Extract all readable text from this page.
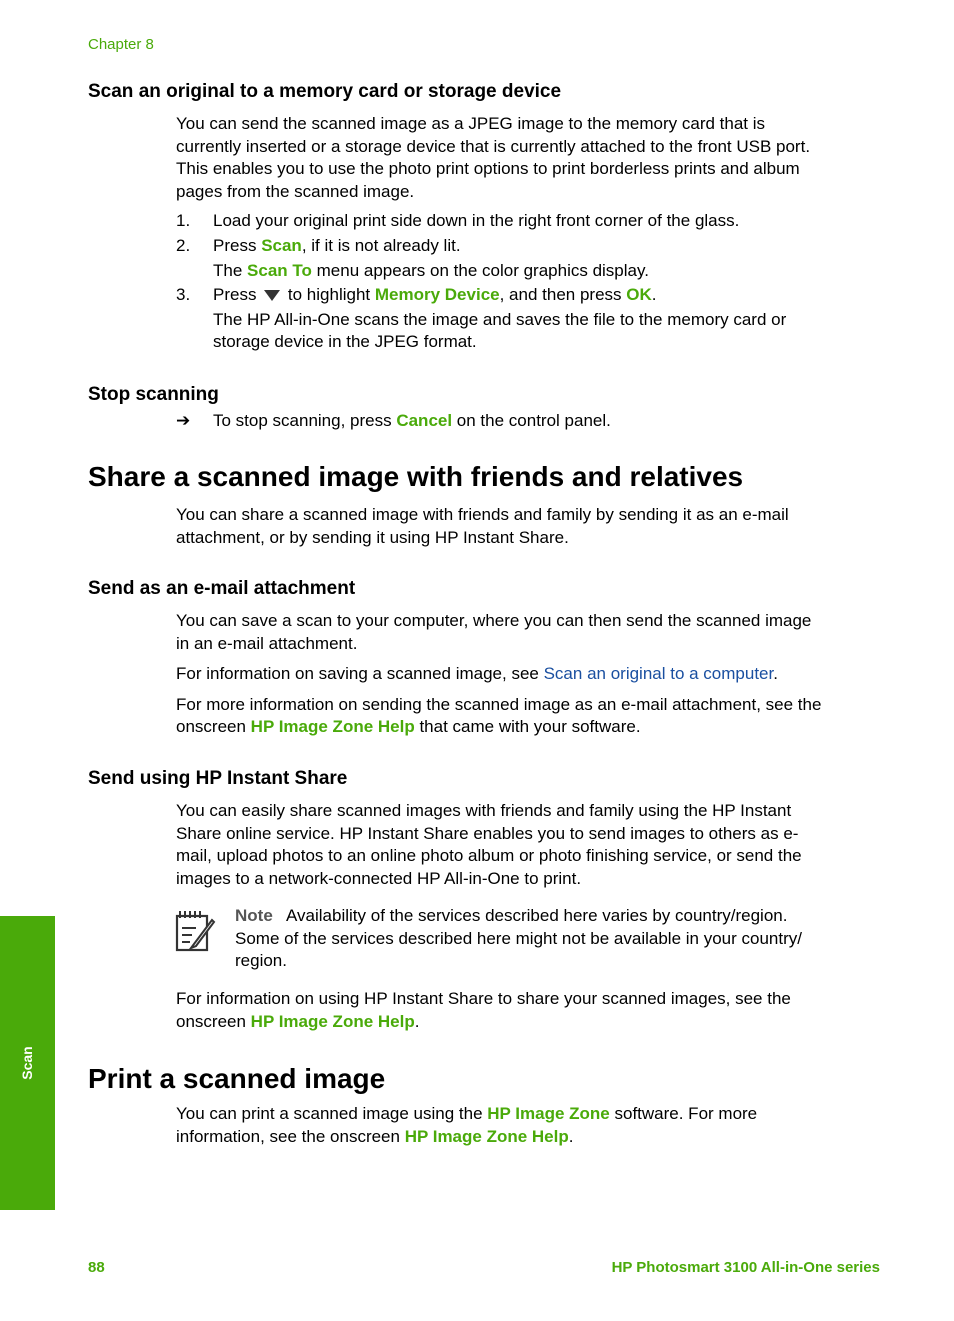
Chapter 8
Scan an original to a memory card or storage device
You can send the scanned image as a JPEG image to the memory card that is
currently inserted or a storage device that is currently attached to the front USB port.
This enables you to use the photo print options to print borderless prints and album
pages from the scanned image.
1. Load your original print side down in the right front corner of the glass.
2. Press Scan, if it is not already lit.
The Scan To menu appears on the color graphics display.
3. Press  to highlight Memory Device, and then press OK.
The HP All-in-One scans the image and saves the file to the memory card or
storage device in the JPEG format.
Stop scanning
➔ To stop scanning, press Cancel on the control panel.
Share a scanned image with friends and relatives
You can share a scanned image with friends and family by sending it as an e-mail
attachment, or by sending it using HP Instant Share.
Send as an e-mail attachment
You can save a scan to your computer, where you can then send the scanned image
in an e-mail attachment.
For information on saving a scanned image, see Scan an original to a computer.
For more information on sending the scanned image as an e-mail attachment, see the
onscreen HP Image Zone Help that came with your software.
Send using HP Instant Share
You can easily share scanned images with friends and family using the HP Instant
Share online service. HP Instant Share enables you to send images to others as e-
mail, upload photos to an online photo album or photo finishing service, or send the
images to a network-connected HP All-in-One to print.
Note Availability of the services described here varies by country/region.
Some of the services described here might not be available in your country/
region.
For information on using HP Instant Share to share your scanned images, see the
onscreen HP Image Zone Help.
Print a scanned image
You can print a scanned image using the HP Image Zone software. For more
information, see the onscreen HP Image Zone Help.
Scan
88	HP Photosmart 3100 All-in-One series
